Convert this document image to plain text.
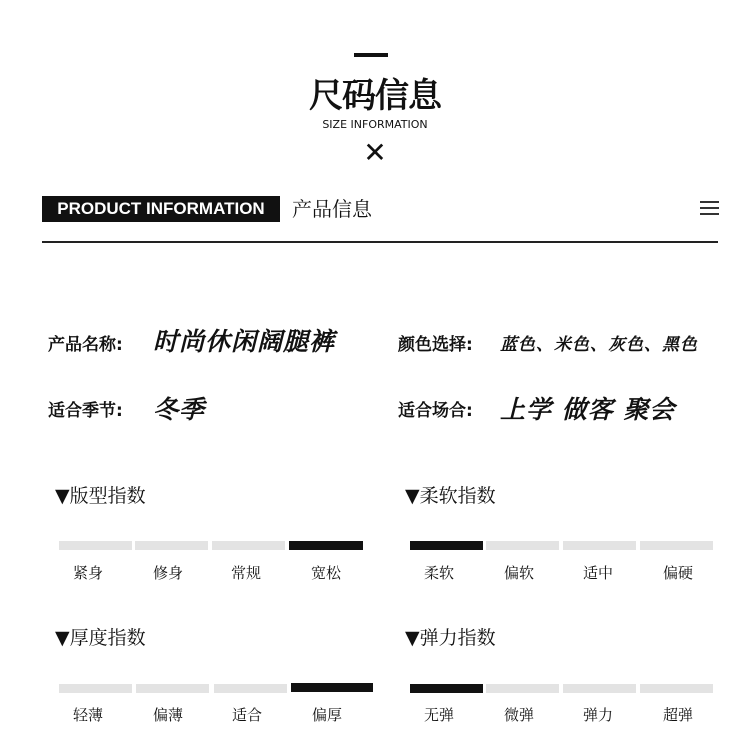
尺码信息
SIZE INFORMATION
✕
PRODUCT INFORMATION	产品信息
产品名称: 时尚休闲阔腿裤	颜色选择: 蓝色、米色、灰色、黑色
适合季节: 冬季	适合场合: 上学 做客 聚会
▼版型指数
紧身	修身	常规	宽松
▼柔软指数
柔软	偏软	适中	偏硬
▼厚度指数
轻薄	偏薄	适合	偏厚
▼弹力指数
无弹	微弹	弹力	超弹
